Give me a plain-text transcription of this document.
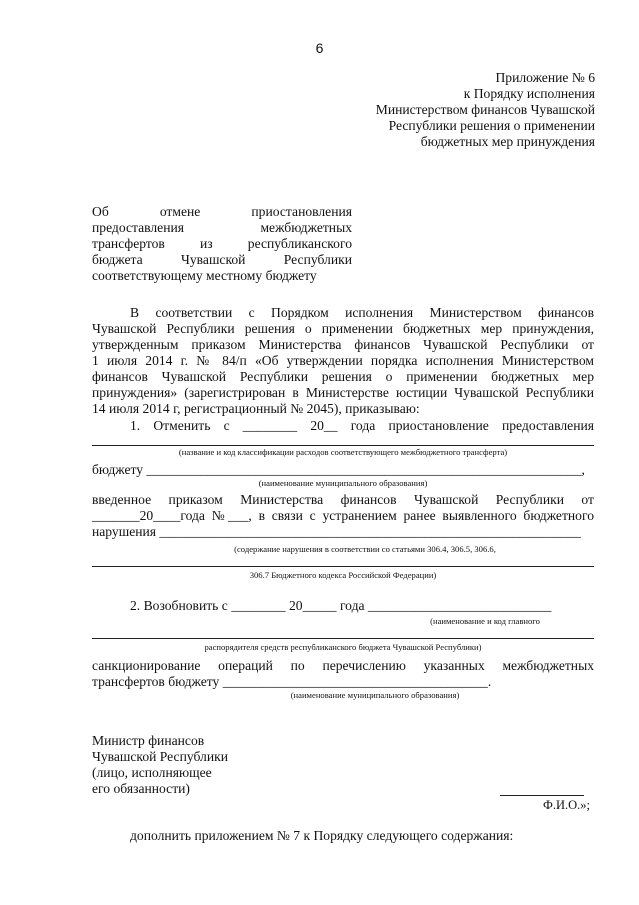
6
Приложение № 6
к Порядку исполнения
Министерством финансов Чувашской
Республики решения о применении
бюджетных мер принуждения
Об отмене приостановления
предоставления межбюджетных
трансфертов из республиканского
бюджета Чувашской Республики
соответствующему местному бюджету
В соответствии с Порядком исполнения Министерством финансов
Чувашской Республики решения о применении бюджетных мер принуждения,
утвержденным приказом Министерства финансов Чувашской Республики от
1 июля 2014 г. № 84/п «Об утверждении порядка исполнения Министерством
финансов Чувашской Республики решения о применении бюджетных мер
принуждения» (зарегистрирован в Министерстве юстиции Чувашской Республики
14 июля 2014 г, регистрационный № 2045), приказываю:
1. Отменить с ________ 20__ года приостановление предоставления
(название и код классификации расходов соответствующего межбюджетного трансферта)
бюджету ________________________________________________________________,
(наименование муниципального образования)
введенное приказом Министерства финансов Чувашской Республики от
_______20____года №___, в связи с устранением ранее выявленного бюджетного
нарушения ______________________________________________________________
(содержание нарушения в соответствии со статьями 306.4, 306.5, 306.6,
306.7 Бюджетного кодекса Российской Федерации)
2. Возобновить с ________ 20_____ года ___________________________
(наименование и код главного
распорядителя средств республиканского бюджета Чувашской Республики)
санкционирование операций по перечислению указанных межбюджетных
трансфертов бюджету _______________________________________.
(наименование муниципального образования)
Министр финансов
Чувашской Республики
(лицо, исполняющее
его обязанности)
Ф.И.О.»;
дополнить приложением № 7 к Порядку следующего содержания:
